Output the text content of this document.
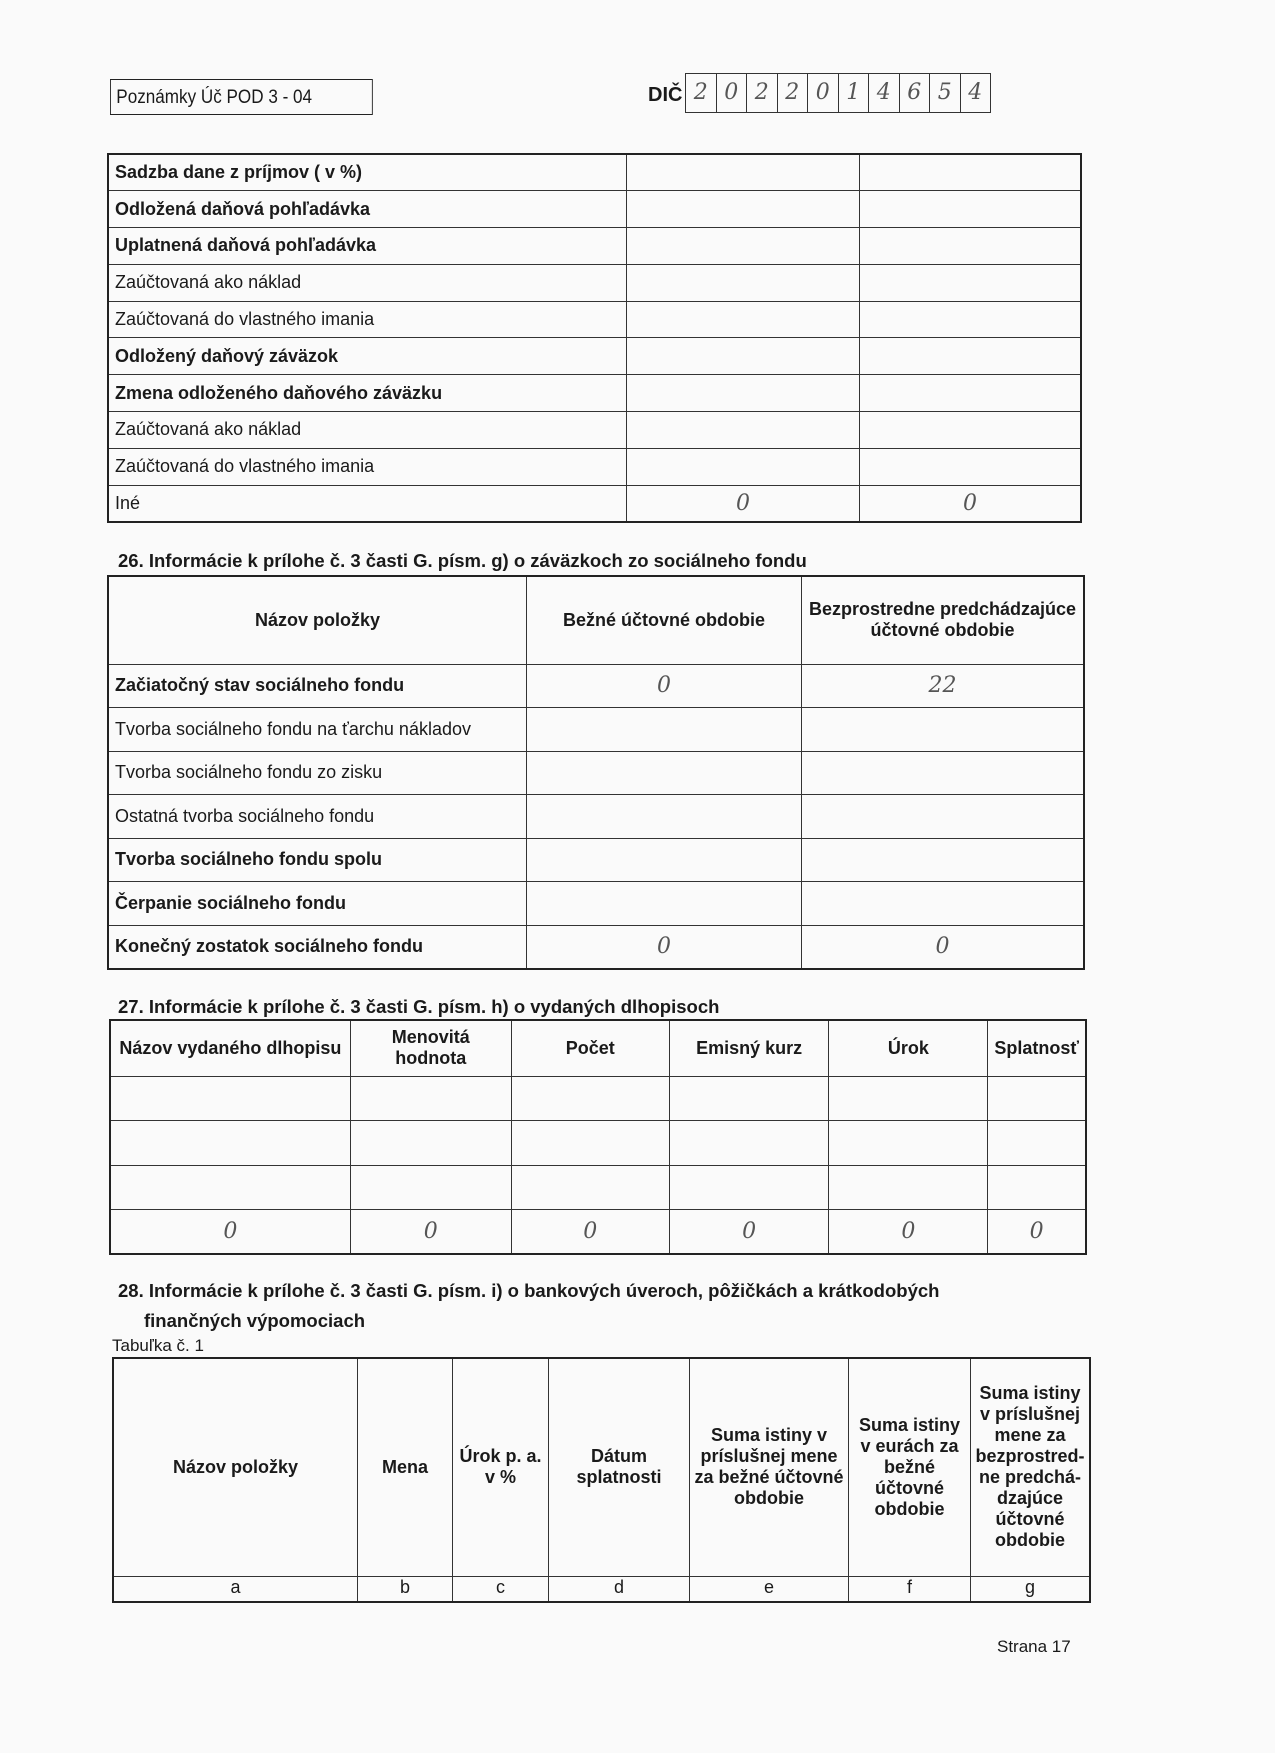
Poznámky Úč POD 3 - 04	DIČ 2 0 2 2 0 1 4 6 5 4
Sadzba dane z príjmov ( v %)		
Odložená daňová pohľadávka		
Uplatnená daňová pohľadávka		
Zaúčtovaná ako náklad		
Zaúčtovaná do vlastného imania		
Odložený daňový záväzok		
Zmena odloženého daňového záväzku		
Zaúčtovaná ako náklad		
Zaúčtovaná do vlastného imania		
Iné	0	0
26. Informácie k prílohe č. 3 časti G. písm. g) o záväzkoch zo sociálneho fondu
Názov položky	Bežné účtovné obdobie	Bezprostredne predchádzajúce účtovné obdobie
Začiatočný stav sociálneho fondu	0	22
Tvorba sociálneho fondu na ťarchu nákladov		
Tvorba sociálneho fondu zo zisku		
Ostatná tvorba sociálneho fondu		
Tvorba sociálneho fondu spolu		
Čerpanie sociálneho fondu		
Konečný zostatok sociálneho fondu	0	0
27. Informácie k prílohe č. 3 časti G. písm. h) o vydaných dlhopisoch
Názov vydaného dlhopisu	Menovitá hodnota	Počet	Emisný kurz	Úrok	Splatnosť

0	0	0	0	0	0
28. Informácie k prílohe č. 3 časti G. písm. i) o bankových úveroch, pôžičkách a krátkodobých
finančných výpomociach
Tabuľka č. 1
Názov položky	Mena	Úrok p. a. v %	Dátum splatnosti	Suma istiny v príslušnej mene za bežné účtovné obdobie	Suma istiny v eurách za bežné účtovné obdobie	Suma istiny v príslušnej mene za bezprostred-ne predchá-dzajúce účtovné obdobie
a	b	c	d	e	f	g
Strana 17
